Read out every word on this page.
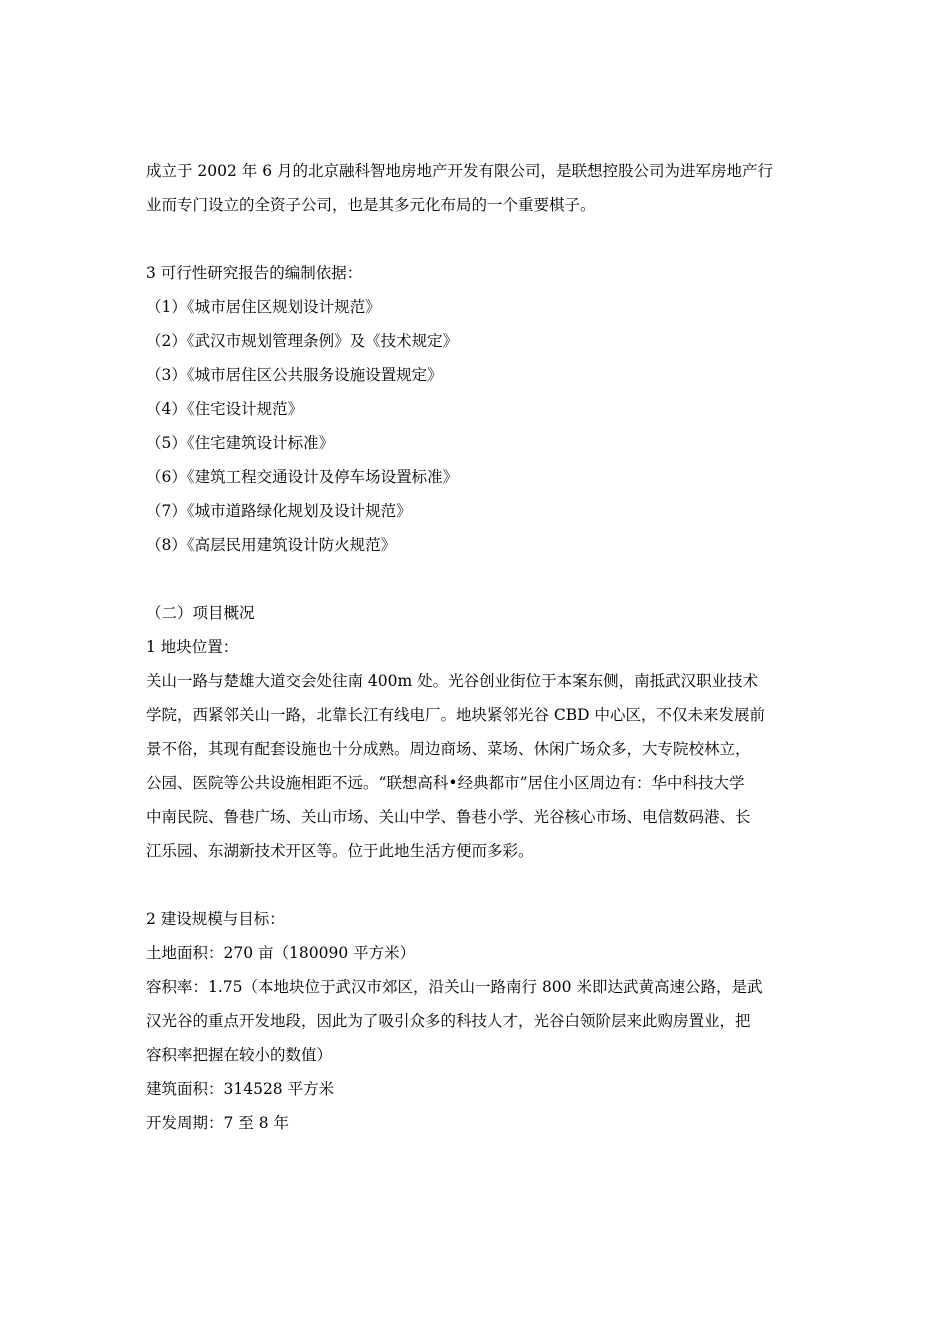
成立于 2002 年 6 月的北京融科智地房地产开发有限公司，是联想控股公司为进军房地产行
业而专门设立的全资子公司，也是其多元化布局的一个重要棋子。
3 可行性研究报告的编制依据：
（1）《城市居住区规划设计规范》
（2）《武汉市规划管理条例》及《技术规定》
（3）《城市居住区公共服务设施设置规定》
（4）《住宅设计规范》
（5）《住宅建筑设计标准》
（6）《建筑工程交通设计及停车场设置标准》
（7）《城市道路绿化规划及设计规范》
（8）《高层民用建筑设计防火规范》
（二）项目概况
1 地块位置：
关山一路与楚雄大道交会处往南 400m 处。光谷创业街位于本案东侧，南抵武汉职业技术
学院，西紧邻关山一路，北靠长江有线电厂。地块紧邻光谷 CBD 中心区，不仅未来发展前
景不俗，其现有配套设施也十分成熟。周边商场、菜场、休闲广场众多，大专院校林立，
公园、医院等公共设施相距不远。“联想高科•经典都市”居住小区周边有：华中科技大学
中南民院、鲁巷广场、关山市场、关山中学、鲁巷小学、光谷核心市场、电信数码港、长
江乐园、东湖新技术开区等。位于此地生活方便而多彩。
2 建设规模与目标：
土地面积：270 亩（180090 平方米）
容积率：1.75（本地块位于武汉市郊区，沿关山一路南行 800 米即达武黄高速公路，是武
汉光谷的重点开发地段，因此为了吸引众多的科技人才，光谷白领阶层来此购房置业，把
容积率把握在较小的数值）
建筑面积：314528 平方米
开发周期：7 至 8 年
